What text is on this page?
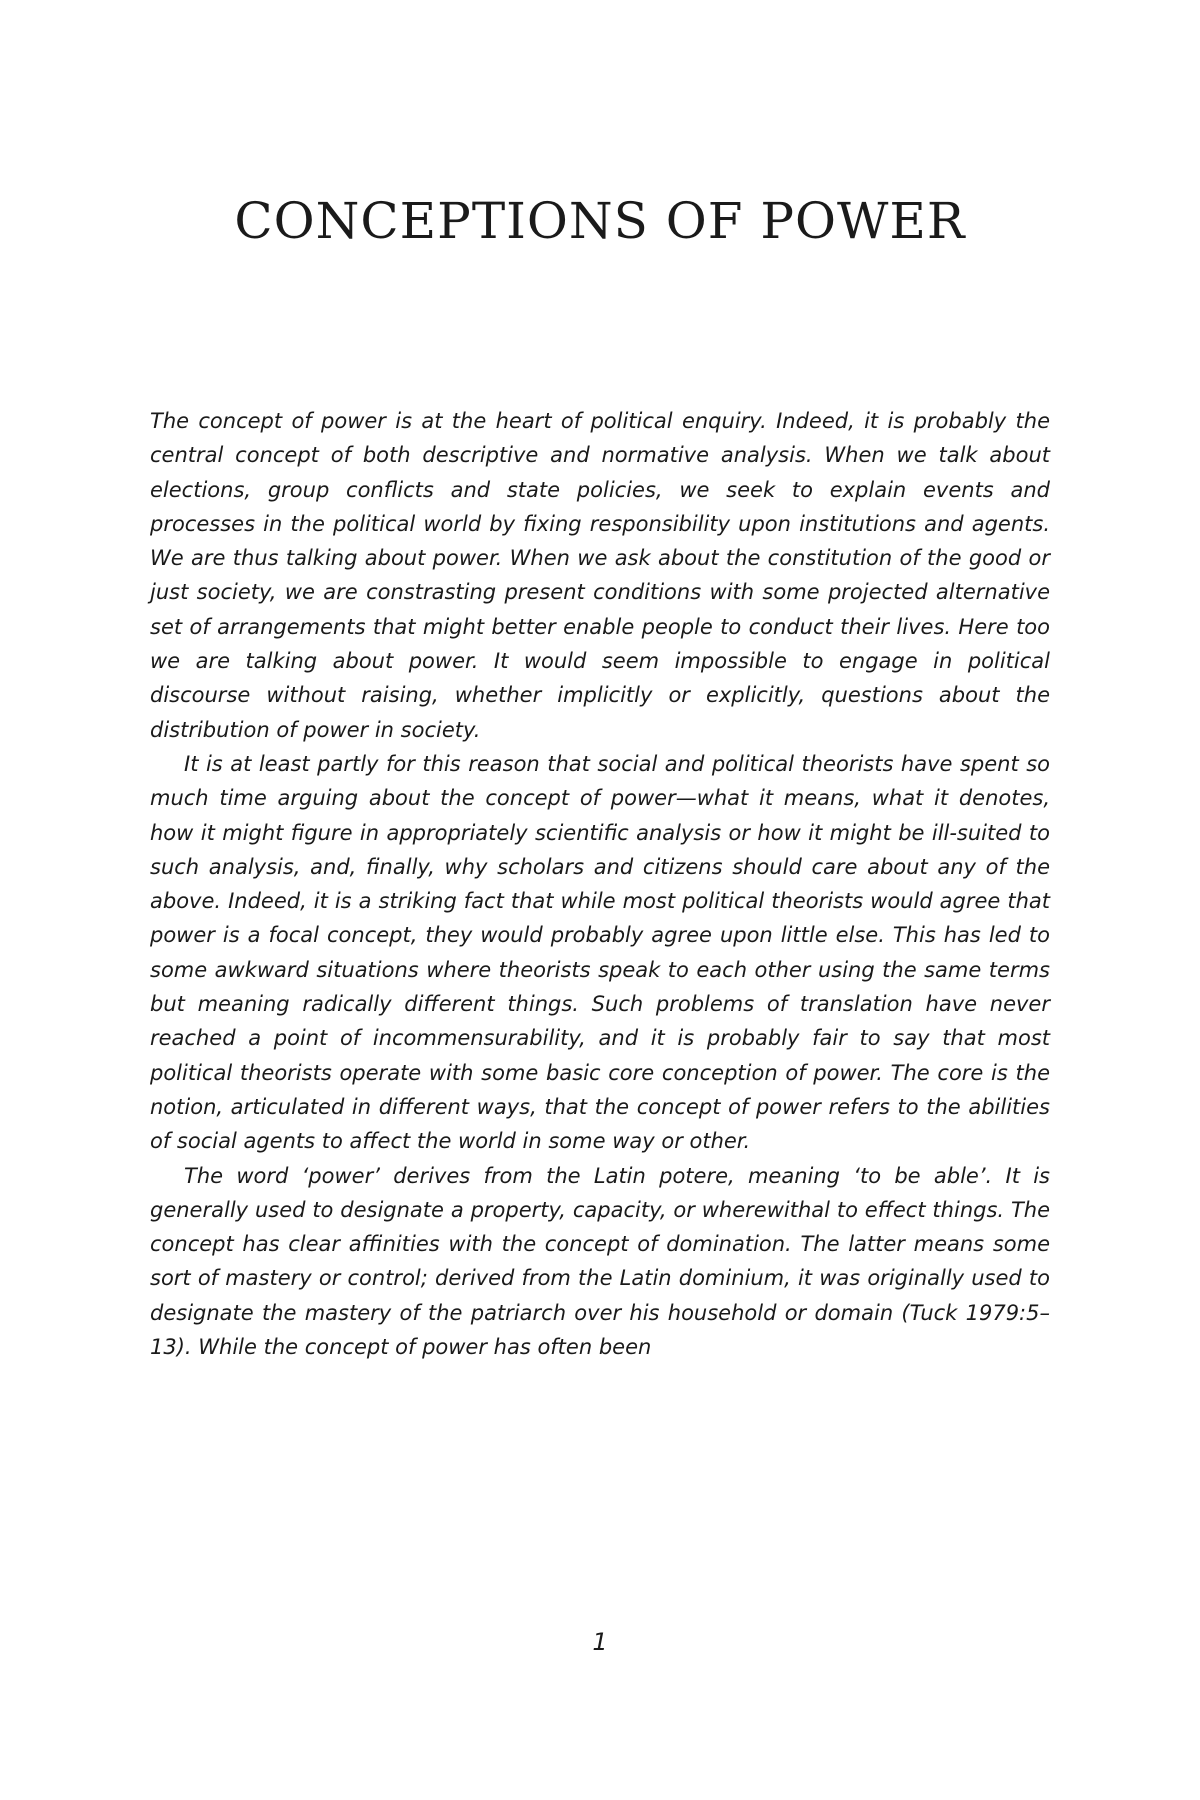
CONCEPTIONS OF POWER

The concept of power is at the heart of political enquiry. Indeed, it is probably the central concept of both descriptive and normative analysis. When we talk about elections, group conflicts and state policies, we seek to explain events and processes in the political world by fixing responsibility upon institutions and agents. We are thus talking about power. When we ask about the constitution of the good or just society, we are constrasting present conditions with some projected alternative set of arrangements that might better enable people to conduct their lives. Here too we are talking about power. It would seem impossible to engage in political discourse without raising, whether implicitly or explicitly, questions about the distribution of power in society.

It is at least partly for this reason that social and political theorists have spent so much time arguing about the concept of power—what it means, what it denotes, how it might figure in appropriately scientific analysis or how it might be ill-suited to such analysis, and, finally, why scholars and citizens should care about any of the above. Indeed, it is a striking fact that while most political theorists would agree that power is a focal concept, they would probably agree upon little else. This has led to some awkward situations where theorists speak to each other using the same terms but meaning radically different things. Such problems of translation have never reached a point of incommensurability, and it is probably fair to say that most political theorists operate with some basic core conception of power. The core is the notion, articulated in different ways, that the concept of power refers to the abilities of social agents to affect the world in some way or other.

The word ‘power’ derives from the Latin potere, meaning ‘to be able’. It is generally used to designate a property, capacity, or wherewithal to effect things. The concept has clear affinities with the concept of domination. The latter means some sort of mastery or control; derived from the Latin dominium, it was originally used to designate the mastery of the patriarch over his household or domain (Tuck 1979:5–13). While the concept of power has often been

1
